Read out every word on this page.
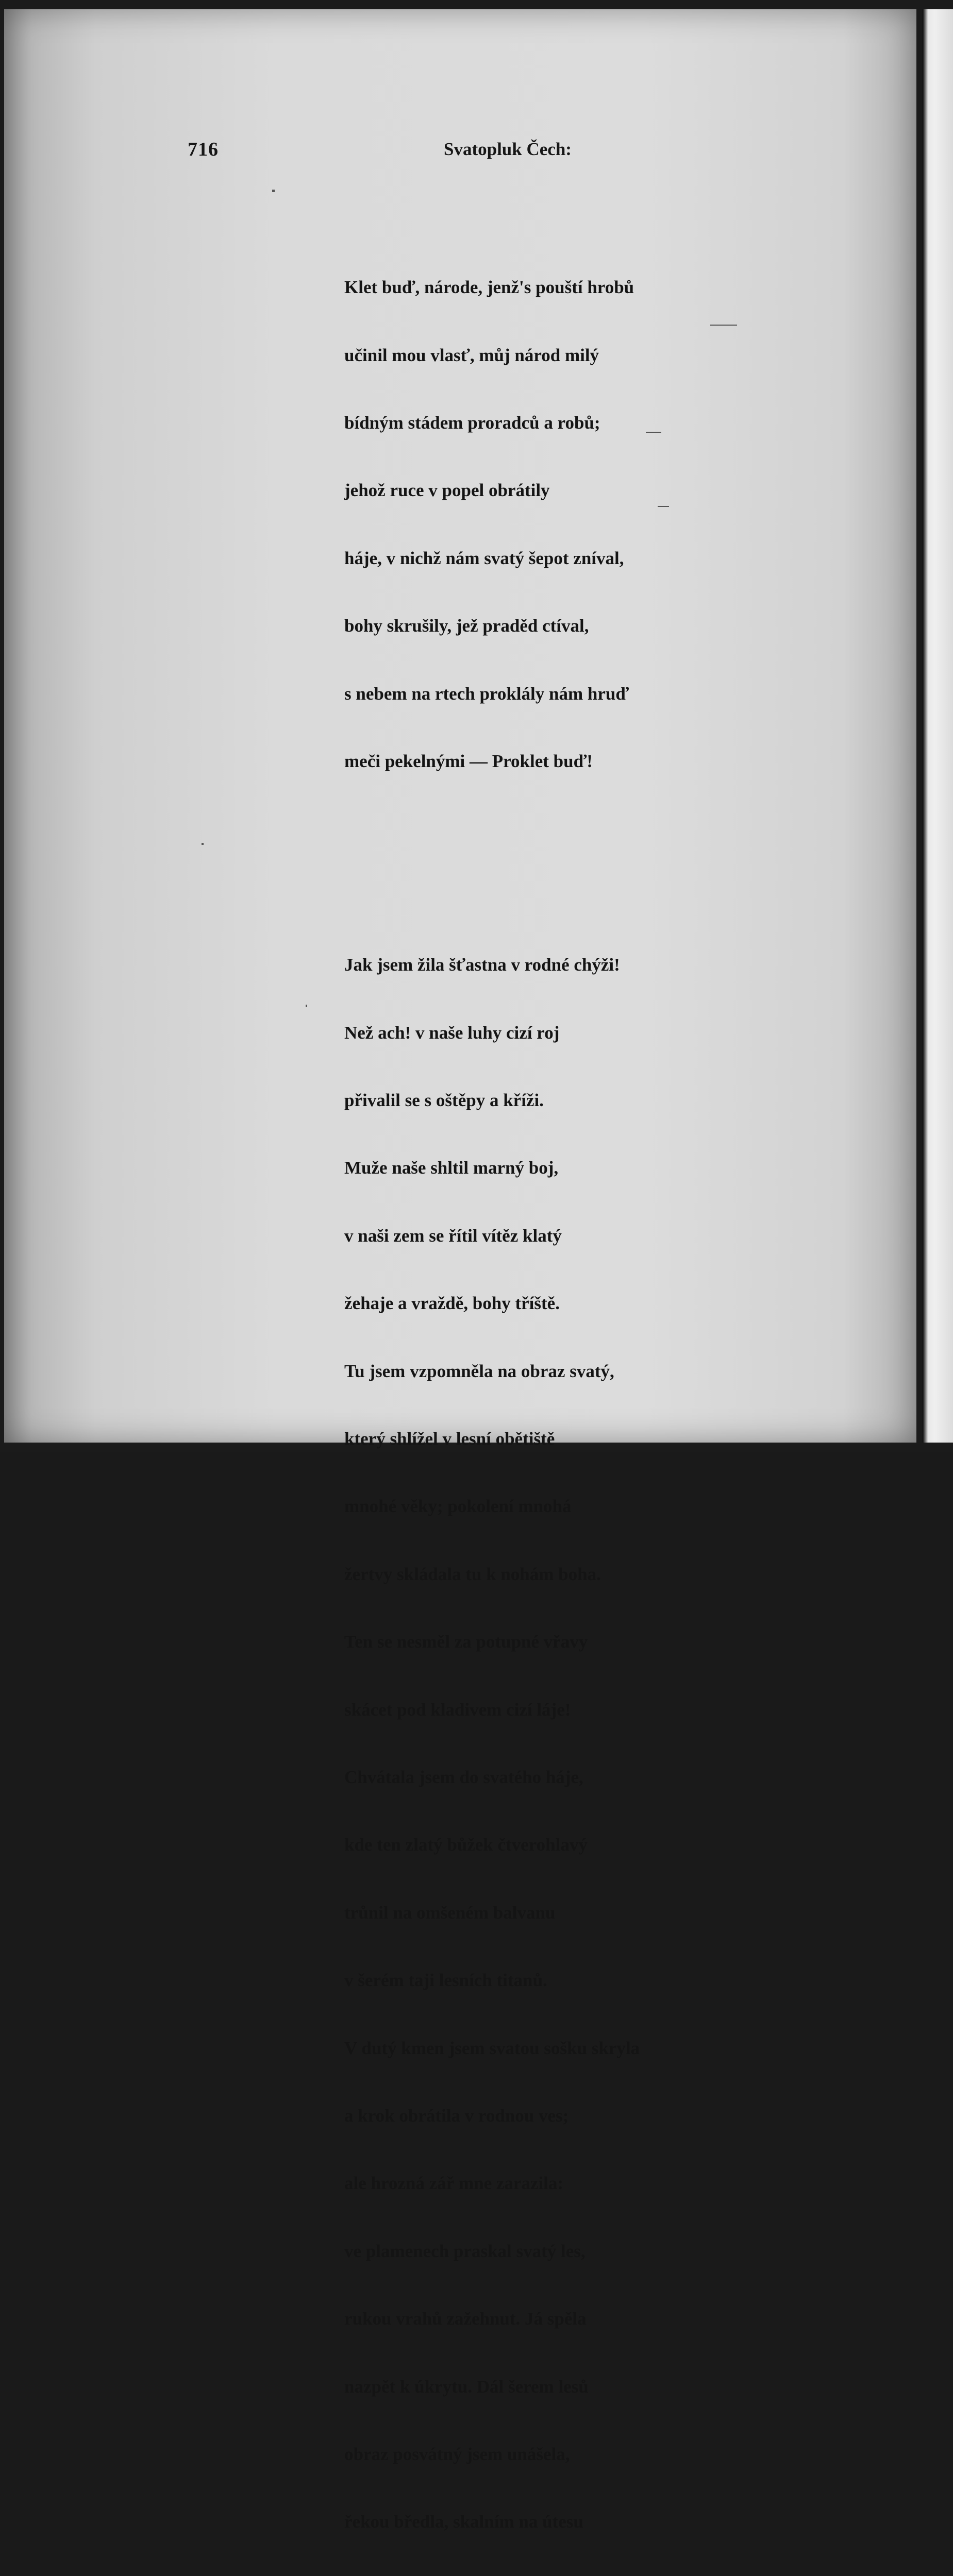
716	Svatopluk Čech:

Klet buď, národe, jenž's pouští hrobů

učinil mou vlasť, můj národ milý

bídným stádem proradců a robů;

jehož ruce v popel obrátily

háje, v nichž nám svatý šepot zníval,

bohy skrušily, jež praděd ctíval,

s nebem na rtech proklály nám hruď

meči pekelnými — Proklet buď!

Jak jsem žila šťastna v rodné chýži!

Než ach! v naše luhy cizí roj

přivalil se s oštěpy a kříži.

Muže naše shltil marný boj,

v naši zem se řítil vítěz klatý

žehaje a vraždě, bohy tříště.

Tu jsem vzpomněla na obraz svatý,

který shlížel v lesní obětiště

mnohé věky; pokolení mnohá

žertvy skládala tu k nohám boha.

Ten se nesměl za potupné vřavy

skácet pod kladivem cizí láje!

Chvátala jsem do svatého háje,

kde ten zlatý bůžek čtverohlavý

trůnil na omšeném balvanu

v šerém taji lesních titanů.

V dutý kmen jsem svatou sošku skryla

a krok obrátila v rodnou ves;

ale hrozná zář mne zarazila:

ve plamenech praskal svatý les,

rukou vrahů zažehnut. Já spěla

nazpět k úkrytu. Dál šerem lesů

obraz posvátný jsem unášela,

řekou bředla, skalním na útesu
